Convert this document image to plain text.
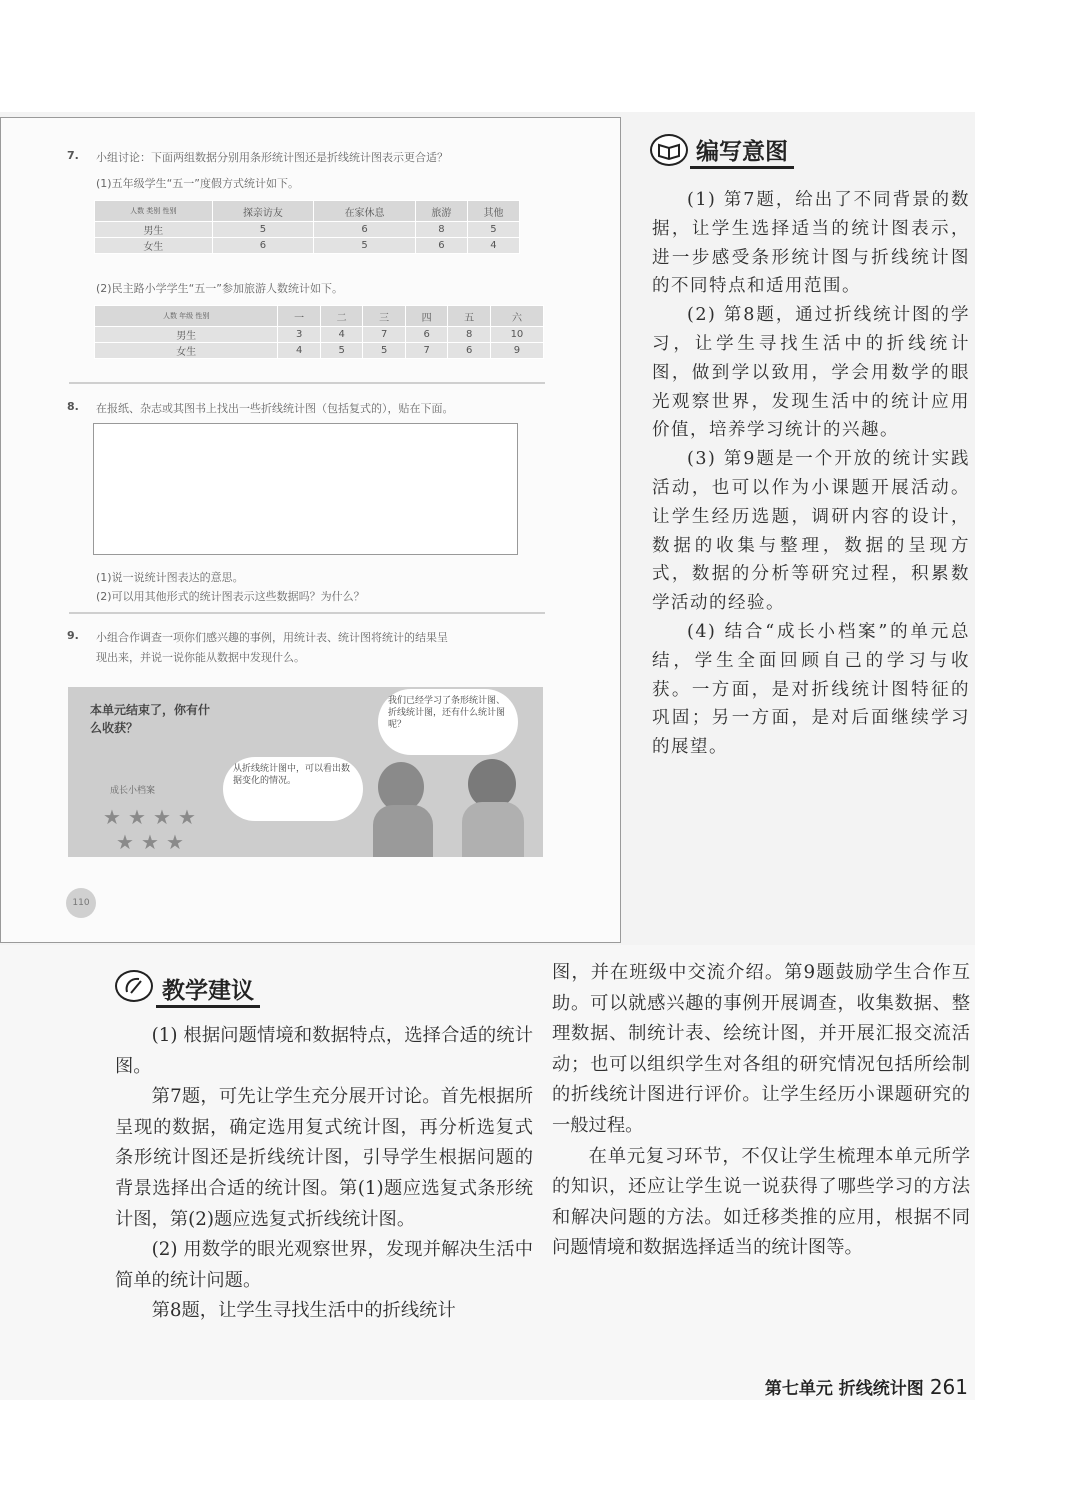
7. 小组讨论：下面两组数据分别用条形统计图还是折线统计图表示更合适？
(1)五年级学生“五一”度假方式统计如下。
人数 类别 性别	探亲访友	在家休息	旅游	其他
男生	5	6	8	5
女生	6	5	6	4
(2)民主路小学学生“五一”参加旅游人数统计如下。
人数 年级 性别	一	二	三	四	五	六
男生	3	4	7	6	8	10
女生	4	5	5	7	6	9
8. 在报纸、杂志或其图书上找出一些折线统计图（包括复式的），贴在下面。
(1)说一说统计图表达的意思。
(2)可以用其他形式的统计图表示这些数据吗？为什么？
9. 小组合作调查一项你们感兴趣的事例，用统计表、统计图将统计的结果呈
现出来，并说一说你能从数据中发现什么。
本单元结束了，你有什么收获？
成长小档案
★ ★ ★ ★
★ ★ ★
我们已经学习了条形统计图、折线统计图，还有什么统计图呢？
从折线统计图中，可以看出数据变化的情况。
110
编写意图

(1) 第7题，给出了不同背景的数据，让学生选择适当的统计图表示，进一步感受条形统计图与折线统计图的不同特点和适用范围。

(2) 第8题，通过折线统计图的学习，让学生寻找生活中的折线统计图，做到学以致用，学会用数学的眼光观察世界，发现生活中的统计应用价值，培养学习统计的兴趣。

(3) 第9题是一个开放的统计实践活动，也可以作为小课题开展活动。让学生经历选题，调研内容的设计，数据的收集与整理，数据的呈现方式，数据的分析等研究过程，积累数学活动的经验。

(4) 结合“成长小档案”的单元总结，学生全面回顾自己的学习与收获。一方面，是对折线统计图特征的巩固；另一方面，是对后面继续学习的展望。

教学建议

(1) 根据问题情境和数据特点，选择合适的统计图。

第7题，可先让学生充分展开讨论。首先根据所呈现的数据，确定选用复式统计图，再分析选复式条形统计图还是折线统计图，引导学生根据问题的背景选择出合适的统计图。第(1)题应选复式条形统计图，第(2)题应选复式折线统计图。

(2) 用数学的眼光观察世界，发现并解决生活中简单的统计问题。

第8题，让学生寻找生活中的折线统计

图，并在班级中交流介绍。第9题鼓励学生合作互助。可以就感兴趣的事例开展调查，收集数据、整理数据、制统计表、绘统计图，并开展汇报交流活动；也可以组织学生对各组的研究情况包括所绘制的折线统计图进行评价。让学生经历小课题研究的一般过程。

在单元复习环节，不仅让学生梳理本单元所学的知识，还应让学生说一说获得了哪些学习的方法和解决问题的方法。如迁移类推的应用，根据不同问题情境和数据选择适当的统计图等。

第七单元 折线统计图 261
